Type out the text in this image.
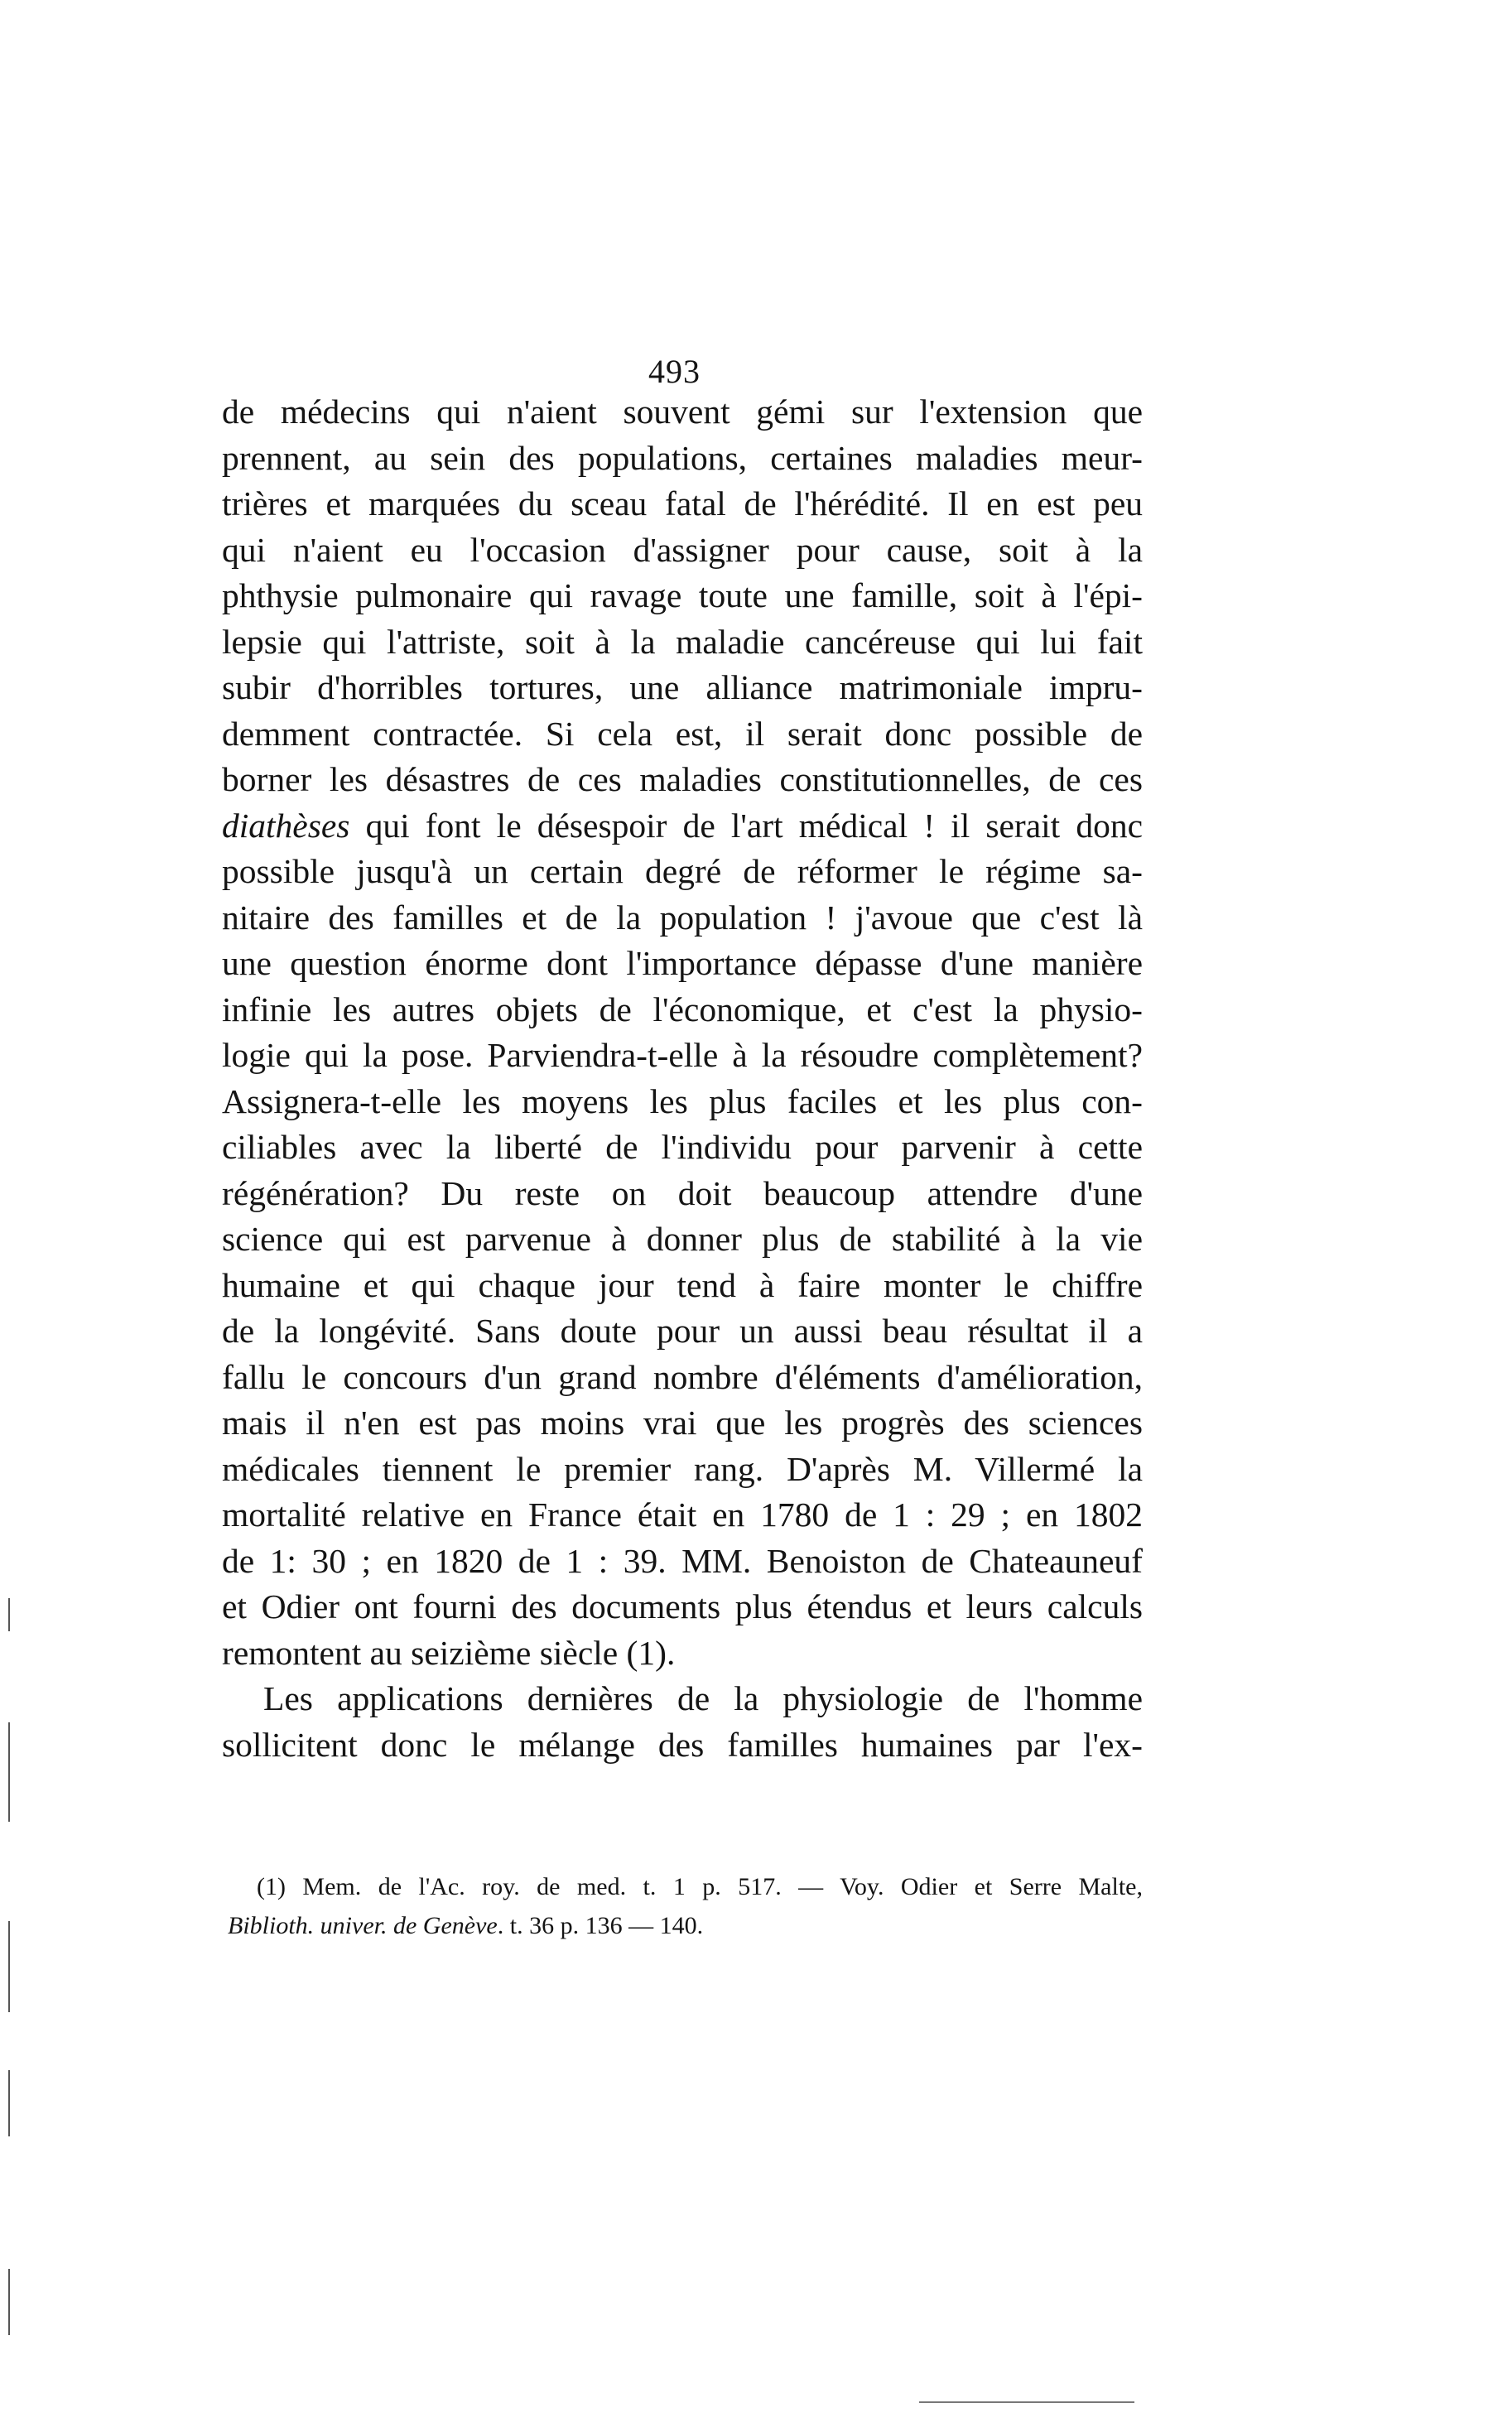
493
de médecins qui n'aient souvent gémi sur l'extension que
prennent, au sein des populations, certaines maladies meur-
trières et marquées du sceau fatal de l'hérédité. Il en est peu
qui n'aient eu l'occasion d'assigner pour cause, soit à la
phthysie pulmonaire qui ravage toute une famille, soit à l'épi-
lepsie qui l'attriste, soit à la maladie cancéreuse qui lui fait
subir d'horribles tortures, une alliance matrimoniale impru-
demment contractée. Si cela est, il serait donc possible de
borner les désastres de ces maladies constitutionnelles, de ces
diathèses qui font le désespoir de l'art médical ! il serait donc
possible jusqu'à un certain degré de réformer le régime sa-
nitaire des familles et de la population ! j'avoue que c'est là
une question énorme dont l'importance dépasse d'une manière
infinie les autres objets de l'économique, et c'est la physio-
logie qui la pose. Parviendra-t-elle à la résoudre complètement?
Assignera-t-elle les moyens les plus faciles et les plus con-
ciliables avec la liberté de l'individu pour parvenir à cette
régénération? Du reste on doit beaucoup attendre d'une
science qui est parvenue à donner plus de stabilité à la vie
humaine et qui chaque jour tend à faire monter le chiffre
de la longévité. Sans doute pour un aussi beau résultat il a
fallu le concours d'un grand nombre d'éléments d'amélioration,
mais il n'en est pas moins vrai que les progrès des sciences
médicales tiennent le premier rang. D'après M. Villermé la
mortalité relative en France était en 1780 de 1 : 29 ; en 1802
de 1: 30 ; en 1820 de 1 : 39. MM. Benoiston de Chateauneuf
et Odier ont fourni des documents plus étendus et leurs calculs
remontent au seizième siècle (1).
Les applications dernières de la physiologie de l'homme
sollicitent donc le mélange des familles humaines par l'ex-
(1) Mem. de l'Ac. roy. de med. t. 1 p. 517. — Voy. Odier et Serre Malte,
Biblioth. univer. de Genève. t. 36 p. 136 — 140.
